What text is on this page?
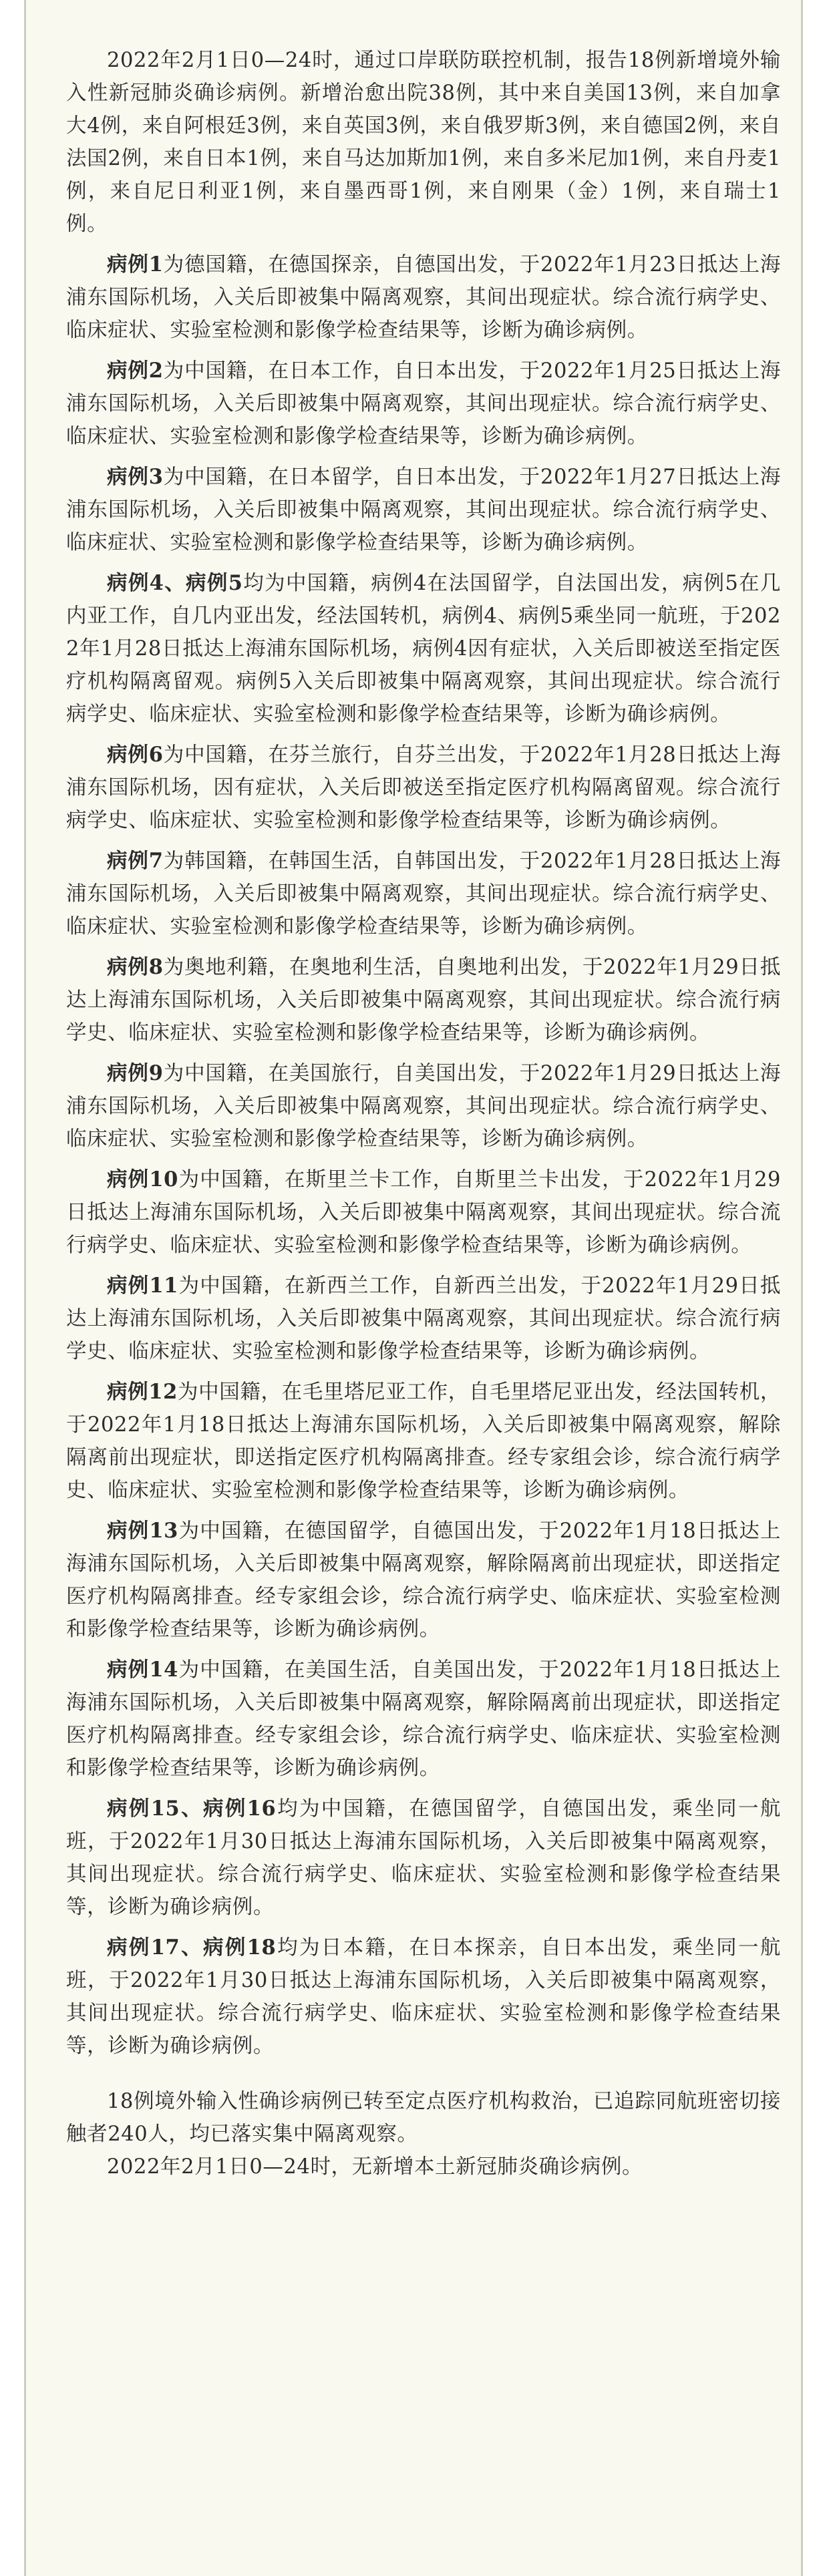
2022年2月1日0—24时，通过口岸联防联控机制，报告18例新增境外输入性新冠肺炎确诊病例。新增治愈出院38例，其中来自美国13例，来自加拿大4例，来自阿根廷3例，来自英国3例，来自俄罗斯3例，来自德国2例，来自法国2例，来自日本1例，来自马达加斯加1例，来自多米尼加1例，来自丹麦1例，来自尼日利亚1例，来自墨西哥1例，来自刚果（金）1例，来自瑞士1例。

病例1为德国籍，在德国探亲，自德国出发，于2022年1月23日抵达上海浦东国际机场，入关后即被集中隔离观察，其间出现症状。综合流行病学史、临床症状、实验室检测和影像学检查结果等，诊断为确诊病例。

病例2为中国籍，在日本工作，自日本出发，于2022年1月25日抵达上海浦东国际机场，入关后即被集中隔离观察，其间出现症状。综合流行病学史、临床症状、实验室检测和影像学检查结果等，诊断为确诊病例。

病例3为中国籍，在日本留学，自日本出发，于2022年1月27日抵达上海浦东国际机场，入关后即被集中隔离观察，其间出现症状。综合流行病学史、临床症状、实验室检测和影像学检查结果等，诊断为确诊病例。

病例4、病例5均为中国籍，病例4在法国留学，自法国出发，病例5在几内亚工作，自几内亚出发，经法国转机，病例4、病例5乘坐同一航班，于2022年1月28日抵达上海浦东国际机场，病例4因有症状，入关后即被送至指定医疗机构隔离留观。病例5入关后即被集中隔离观察，其间出现症状。综合流行病学史、临床症状、实验室检测和影像学检查结果等，诊断为确诊病例。

病例6为中国籍，在芬兰旅行，自芬兰出发，于2022年1月28日抵达上海浦东国际机场，因有症状，入关后即被送至指定医疗机构隔离留观。综合流行病学史、临床症状、实验室检测和影像学检查结果等，诊断为确诊病例。

病例7为韩国籍，在韩国生活，自韩国出发，于2022年1月28日抵达上海浦东国际机场，入关后即被集中隔离观察，其间出现症状。综合流行病学史、临床症状、实验室检测和影像学检查结果等，诊断为确诊病例。

病例8为奥地利籍，在奥地利生活，自奥地利出发，于2022年1月29日抵达上海浦东国际机场，入关后即被集中隔离观察，其间出现症状。综合流行病学史、临床症状、实验室检测和影像学检查结果等，诊断为确诊病例。

病例9为中国籍，在美国旅行，自美国出发，于2022年1月29日抵达上海浦东国际机场，入关后即被集中隔离观察，其间出现症状。综合流行病学史、临床症状、实验室检测和影像学检查结果等，诊断为确诊病例。

病例10为中国籍，在斯里兰卡工作，自斯里兰卡出发，于2022年1月29日抵达上海浦东国际机场，入关后即被集中隔离观察，其间出现症状。综合流行病学史、临床症状、实验室检测和影像学检查结果等，诊断为确诊病例。

病例11为中国籍，在新西兰工作，自新西兰出发，于2022年1月29日抵达上海浦东国际机场，入关后即被集中隔离观察，其间出现症状。综合流行病学史、临床症状、实验室检测和影像学检查结果等，诊断为确诊病例。

病例12为中国籍，在毛里塔尼亚工作，自毛里塔尼亚出发，经法国转机，于2022年1月18日抵达上海浦东国际机场，入关后即被集中隔离观察，解除隔离前出现症状，即送指定医疗机构隔离排查。经专家组会诊，综合流行病学史、临床症状、实验室检测和影像学检查结果等，诊断为确诊病例。

病例13为中国籍，在德国留学，自德国出发，于2022年1月18日抵达上海浦东国际机场，入关后即被集中隔离观察，解除隔离前出现症状，即送指定医疗机构隔离排查。经专家组会诊，综合流行病学史、临床症状、实验室检测和影像学检查结果等，诊断为确诊病例。

病例14为中国籍，在美国生活，自美国出发，于2022年1月18日抵达上海浦东国际机场，入关后即被集中隔离观察，解除隔离前出现症状，即送指定医疗机构隔离排查。经专家组会诊，综合流行病学史、临床症状、实验室检测和影像学检查结果等，诊断为确诊病例。

病例15、病例16均为中国籍，在德国留学，自德国出发，乘坐同一航班，于2022年1月30日抵达上海浦东国际机场，入关后即被集中隔离观察，其间出现症状。综合流行病学史、临床症状、实验室检测和影像学检查结果等，诊断为确诊病例。

病例17、病例18均为日本籍，在日本探亲，自日本出发，乘坐同一航班，于2022年1月30日抵达上海浦东国际机场，入关后即被集中隔离观察，其间出现症状。综合流行病学史、临床症状、实验室检测和影像学检查结果等，诊断为确诊病例。

18例境外输入性确诊病例已转至定点医疗机构救治，已追踪同航班密切接触者240人，均已落实集中隔离观察。

2022年2月1日0—24时，无新增本土新冠肺炎确诊病例。
